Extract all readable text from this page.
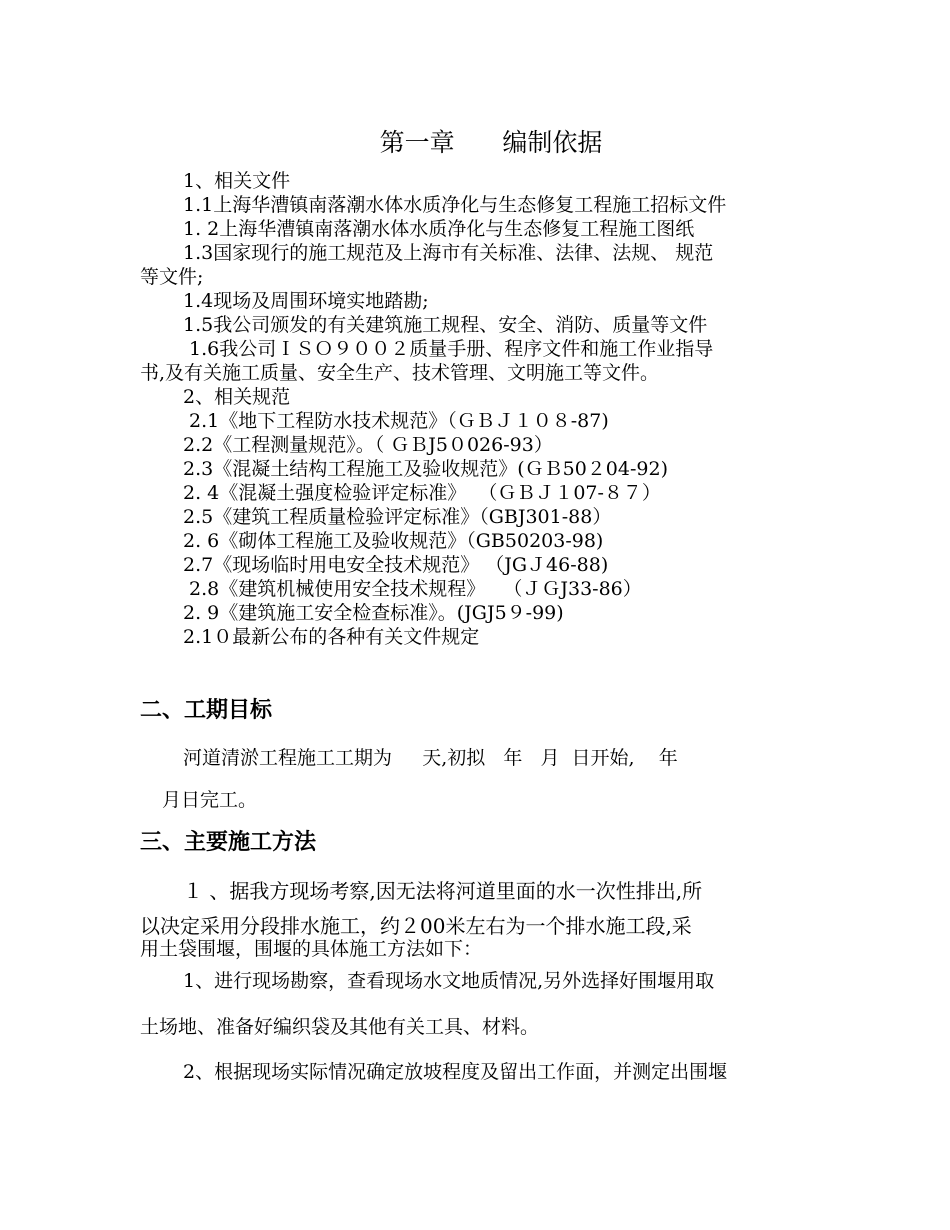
第一章      编制依据
1、相关文件
1.1上海华漕镇南落潮水体水质净化与生态修复工程施工招标文件
1. 2上海华漕镇南落潮水体水质净化与生态修复工程施工图纸
1.3国家现行的施工规范及上海市有关标准、法律、法规、 规范
等文件;
1.4现场及周围环境实地踏勘;
1.5我公司颁发的有关建筑施工规程、安全、消防、质量等文件
1.6我公司ＩＳＯ９００２质量手册、程序文件和施工作业指导
书,及有关施工质量、安全生产、技术管理、文明施工等文件。
2、相关规范
2.1《地下工程防水技术规范》（ＧＢＪ１０８-87)
2.2《工程测量规范》。（ ＧＢJ5０026-93）
2.3《混凝土结构工程施工及验收规范》(ＧＢ50２04-92)
2. 4《混凝土强度检验评定标准》  （ＧＢＪ１07-８７）
2.5《建筑工程质量检验评定标准》（GBJ301-88）
2. 6《砌体工程施工及验收规范》（GB50203-98)
2.7《现场临时用电安全技术规范》 （JGＪ46-88)
2.8《建筑机械使用安全技术规程》   （ＪＧJ33-86）
2. 9《建筑施工安全检查标准》。(JGJ5９-99)
2.1０最新公布的各种有关文件规定
二、工期目标
河道清淤工程施工工期为     天,初拟   年   月  日开始,    年
月日完工。
三、主要施工方法
１ 、据我方现场考察,因无法将河道里面的水一次性排出,所
以决定采用分段排水施工，约２00米左右为一个排水施工段,采
用土袋围堰，围堰的具体施工方法如下：
1、进行现场勘察，查看现场水文地质情况,另外选择好围堰用取
土场地、准备好编织袋及其他有关工具、材料。
2、根据现场实际情况确定放坡程度及留出工作面，并测定出围堰
